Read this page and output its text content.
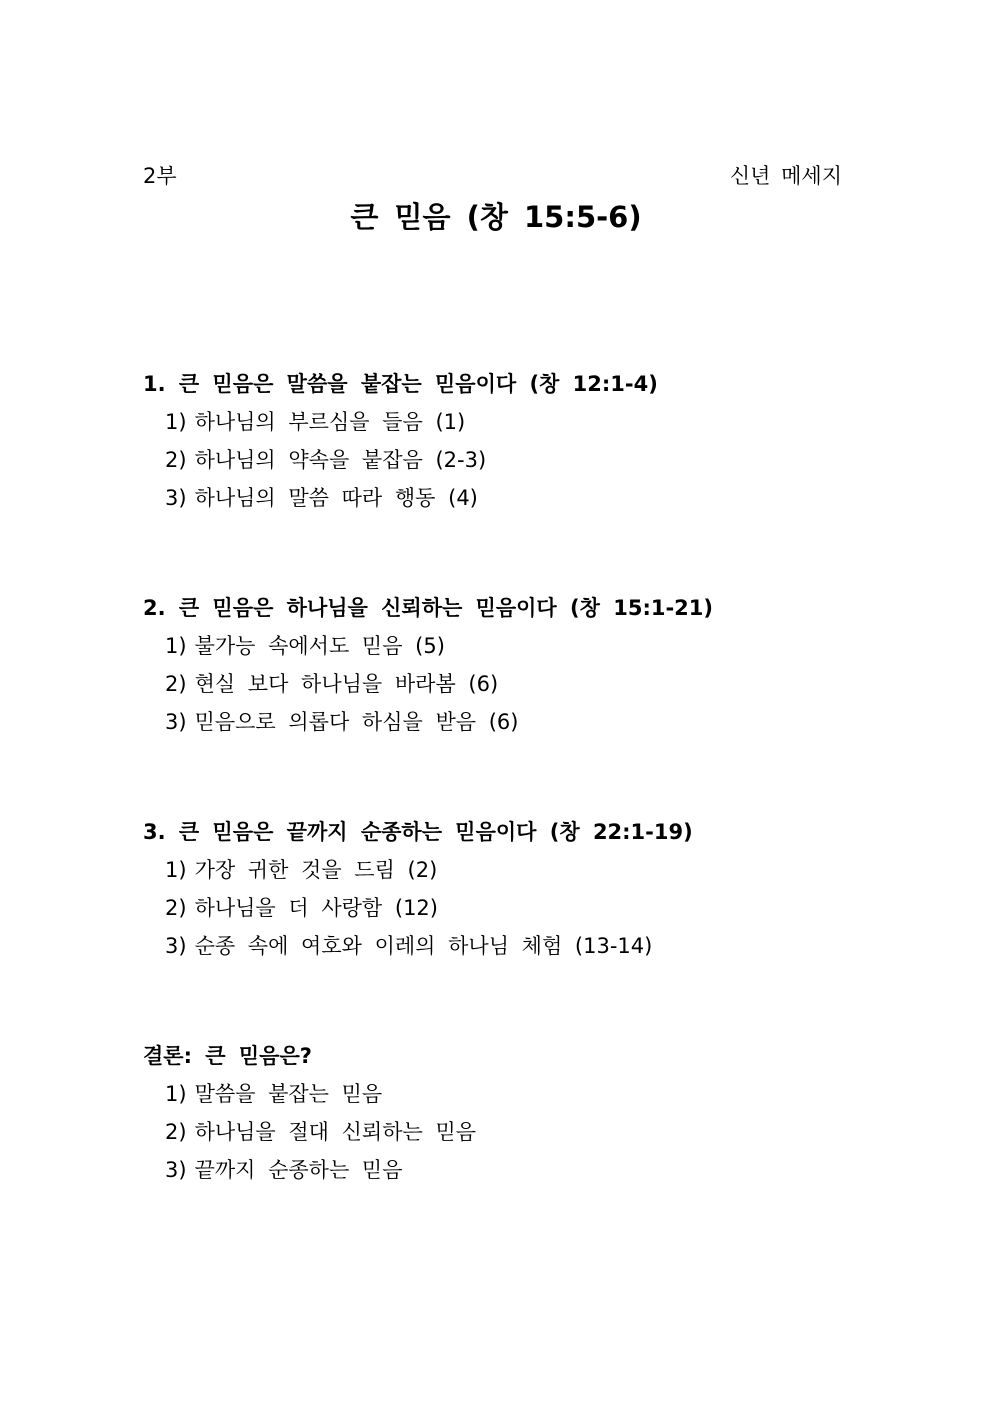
2부	신년 메세지
큰 믿음 (창 15:5-6)
1. 큰 믿음은 말씀을 붙잡는 믿음이다 (창 12:1-4)
1) 하나님의 부르심을 들음 (1)
2) 하나님의 약속을 붙잡음 (2-3)
3) 하나님의 말씀 따라 행동 (4)
2. 큰 믿음은 하나님을 신뢰하는 믿음이다 (창 15:1-21)
1) 불가능 속에서도 믿음 (5)
2) 현실 보다 하나님을 바라봄 (6)
3) 믿음으로 의롭다 하심을 받음 (6)
3. 큰 믿음은 끝까지 순종하는 믿음이다 (창 22:1-19)
1) 가장 귀한 것을 드림 (2)
2) 하나님을 더 사랑함 (12)
3) 순종 속에 여호와 이레의 하나님 체험 (13-14)
결론: 큰 믿음은?
1) 말씀을 붙잡는 믿음
2) 하나님을 절대 신뢰하는 믿음
3) 끝까지 순종하는 믿음
